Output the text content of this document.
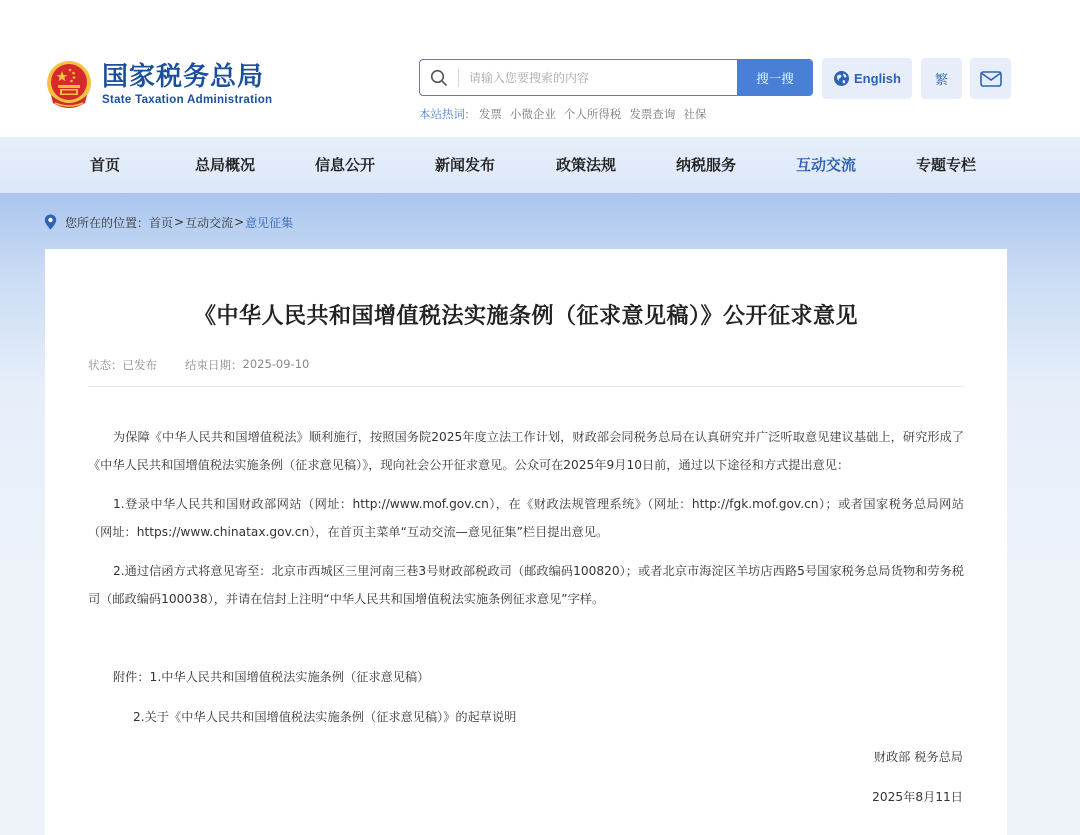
国家税务总局
State Taxation Administration
请输入您要搜索的内容
搜一搜
本站热词: 发票 小微企业 个人所得税 发票查询 社保
English	繁
首页	总局概况	信息公开	新闻发布	政策法规	纳税服务	互动交流	专题专栏
您所在的位置： 首页 > 互动交流 > 意见征集
《中华人民共和国增值税法实施条例（征求意见稿）》公开征求意见
状态： 已发布 结束日期： 2025-09-10

为保障《中华人民共和国增值税法》顺利施行，按照国务院2025年度立法工作计划，财政部会同税务总局在认真研究并广泛听取意见建议基础上，研究形成了《中华人民共和国增值税法实施条例（征求意见稿）》，现向社会公开征求意见。公众可在2025年9月10日前，通过以下途径和方式提出意见：

1.登录中华人民共和国财政部网站（网址：http://www.mof.gov.cn），在《财政法规管理系统》（网址：http://fgk.mof.gov.cn）；或者国家税务总局网站（网址：https://www.chinatax.gov.cn），在首页主菜单“互动交流—意见征集”栏目提出意见。

2.通过信函方式将意见寄至：北京市西城区三里河南三巷3号财政部税政司（邮政编码100820）；或者北京市海淀区羊坊店西路5号国家税务总局货物和劳务税司（邮政编码100038），并请在信封上注明“中华人民共和国增值税法实施条例征求意见”字样。

附件：1.中华人民共和国增值税法实施条例（征求意见稿）
2.关于《中华人民共和国增值税法实施条例（征求意见稿）》的起草说明
财政部 税务总局
2025年8月11日
